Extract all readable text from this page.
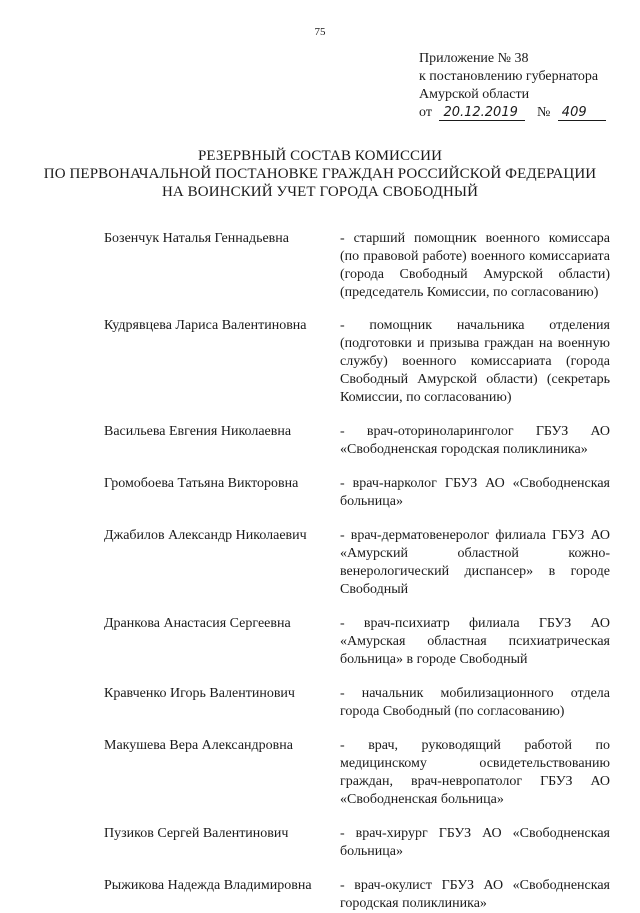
75
Приложение № 38
к постановлению губернатора
Амурской области
от 20.12.2019 № 409
РЕЗЕРВНЫЙ СОСТАВ КОМИССИИ
ПО ПЕРВОНАЧАЛЬНОЙ ПОСТАНОВКЕ ГРАЖДАН РОССИЙСКОЙ ФЕДЕРАЦИИ
НА ВОИНСКИЙ УЧЕТ ГОРОДА СВОБОДНЫЙ
Бозенчук Наталья Геннадьевна	- старший помощник военного комиссара (по правовой работе) военного комиссариата (города Свободный Амурской области) (председатель Комиссии, по согласованию)
Кудрявцева Лариса Валентиновна	- помощник начальника отделения (подготовки и призыва граждан на военную службу) военного комиссариата (города Свободный Амурской области) (секретарь Комиссии, по согласованию)
Васильева Евгения Николаевна	- врач-оториноларинголог ГБУЗ АО «Свободненская городская поликлиника»
Громобоева Татьяна Викторовна	- врач-нарколог ГБУЗ АО «Свободненская больница»
Джабилов Александр Николаевич	- врач-дерматовенеролог филиала ГБУЗ АО «Амурский областной кожно-венерологический диспансер» в городе Свободный
Дранкова Анастасия Сергеевна	- врач-психиатр филиала ГБУЗ АО «Амурская областная психиатрическая больница» в городе Свободный
Кравченко Игорь Валентинович	- начальник мобилизационного отдела города Свободный (по согласованию)
Макушева Вера Александровна	- врач, руководящий работой по медицинскому освидетельствованию граждан, врач-невропатолог ГБУЗ АО «Свободненская больница»
Пузиков Сергей Валентинович	- врач-хирург ГБУЗ АО «Свободненская больница»
Рыжикова Надежда Владимировна	- врач-окулист ГБУЗ АО «Свободненская городская поликлиника»
